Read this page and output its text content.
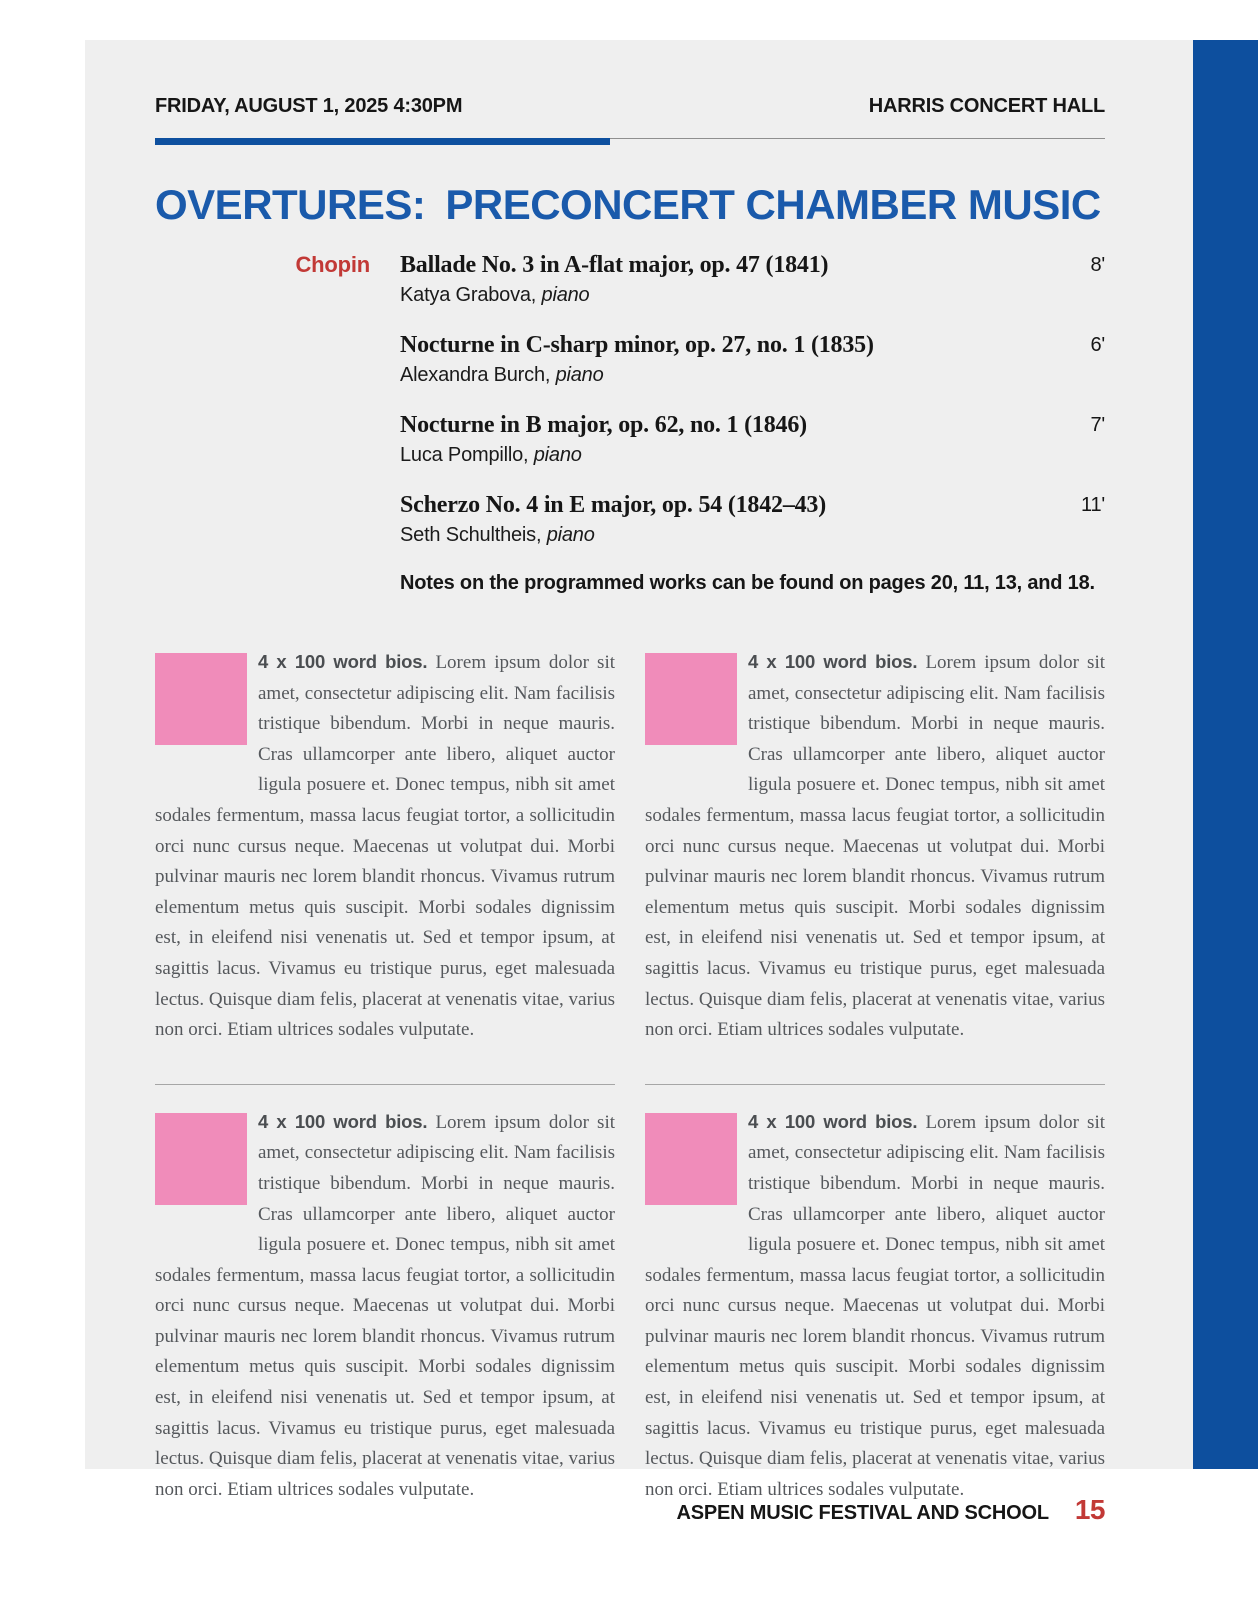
FRIDAY, AUGUST 1, 2025 4:30PM	HARRIS CONCERT HALL
OVERTURES: PRECONCERT CHAMBER MUSIC
Chopin Ballade No. 3 in A-flat major, op. 47 (1841)
Katya Grabova, piano
8'
Nocturne in C-sharp minor, op. 27, no. 1 (1835)
Alexandra Burch, piano
6'
Nocturne in B major, op. 62, no. 1 (1846)
Luca Pompillo, piano
7'
Scherzo No. 4 in E major, op. 54 (1842–43)
Seth Schultheis, piano
11'
Notes on the programmed works can be found on pages 20, 11, 13, and 18.

4 x 100 word bios. Lorem ipsum dolor sit amet, consectetur adipiscing elit. Nam facilisis tristique bibendum. Morbi in neque mauris. Cras ullamcorper ante libero, aliquet auctor ligula posuere et. Donec tempus, nibh sit amet sodales fermentum, massa lacus feugiat tortor, a sollicitudin orci nunc cursus neque. Maecenas ut volutpat dui. Morbi pulvinar mauris nec lorem blandit rhoncus. Vivamus rutrum elementum metus quis suscipit. Morbi sodales dignissim est, in eleifend nisi venenatis ut. Sed et tempor ipsum, at sagittis lacus. Vivamus eu tristique purus, eget malesuada lectus. Quisque diam felis, placerat at venenatis vitae, varius non orci. Etiam ultrices sodales vulputate.

4 x 100 word bios. Lorem ipsum dolor sit amet, consectetur adipiscing elit. Nam facilisis tristique bibendum. Morbi in neque mauris. Cras ullamcorper ante libero, aliquet auctor ligula posuere et. Donec tempus, nibh sit amet sodales fermentum, massa lacus feugiat tortor, a sollicitudin orci nunc cursus neque. Maecenas ut volutpat dui. Morbi pulvinar mauris nec lorem blandit rhoncus. Vivamus rutrum elementum metus quis suscipit. Morbi sodales dignissim est, in eleifend nisi venenatis ut. Sed et tempor ipsum, at sagittis lacus. Vivamus eu tristique purus, eget malesuada lectus. Quisque diam felis, placerat at venenatis vitae, varius non orci. Etiam ultrices sodales vulputate.

4 x 100 word bios. Lorem ipsum dolor sit amet, consectetur adipiscing elit. Nam facilisis tristique bibendum. Morbi in neque mauris. Cras ullamcorper ante libero, aliquet auctor ligula posuere et. Donec tempus, nibh sit amet sodales fermentum, massa lacus feugiat tortor, a sollicitudin orci nunc cursus neque. Maecenas ut volutpat dui. Morbi pulvinar mauris nec lorem blandit rhoncus. Vivamus rutrum elementum metus quis suscipit. Morbi sodales dignissim est, in eleifend nisi venenatis ut. Sed et tempor ipsum, at sagittis lacus. Vivamus eu tristique purus, eget malesuada lectus. Quisque diam felis, placerat at venenatis vitae, varius non orci. Etiam ultrices sodales vulputate.

4 x 100 word bios. Lorem ipsum dolor sit amet, consectetur adipiscing elit. Nam facilisis tristique bibendum. Morbi in neque mauris. Cras ullamcorper ante libero, aliquet auctor ligula posuere et. Donec tempus, nibh sit amet sodales fermentum, massa lacus feugiat tortor, a sollicitudin orci nunc cursus neque. Maecenas ut volutpat dui. Morbi pulvinar mauris nec lorem blandit rhoncus. Vivamus rutrum elementum metus quis suscipit. Morbi sodales dignissim est, in eleifend nisi venenatis ut. Sed et tempor ipsum, at sagittis lacus. Vivamus eu tristique purus, eget malesuada lectus. Quisque diam felis, placerat at venenatis vitae, varius non orci. Etiam ultrices sodales vulputate.

ASPEN MUSIC FESTIVAL AND SCHOOL 15
